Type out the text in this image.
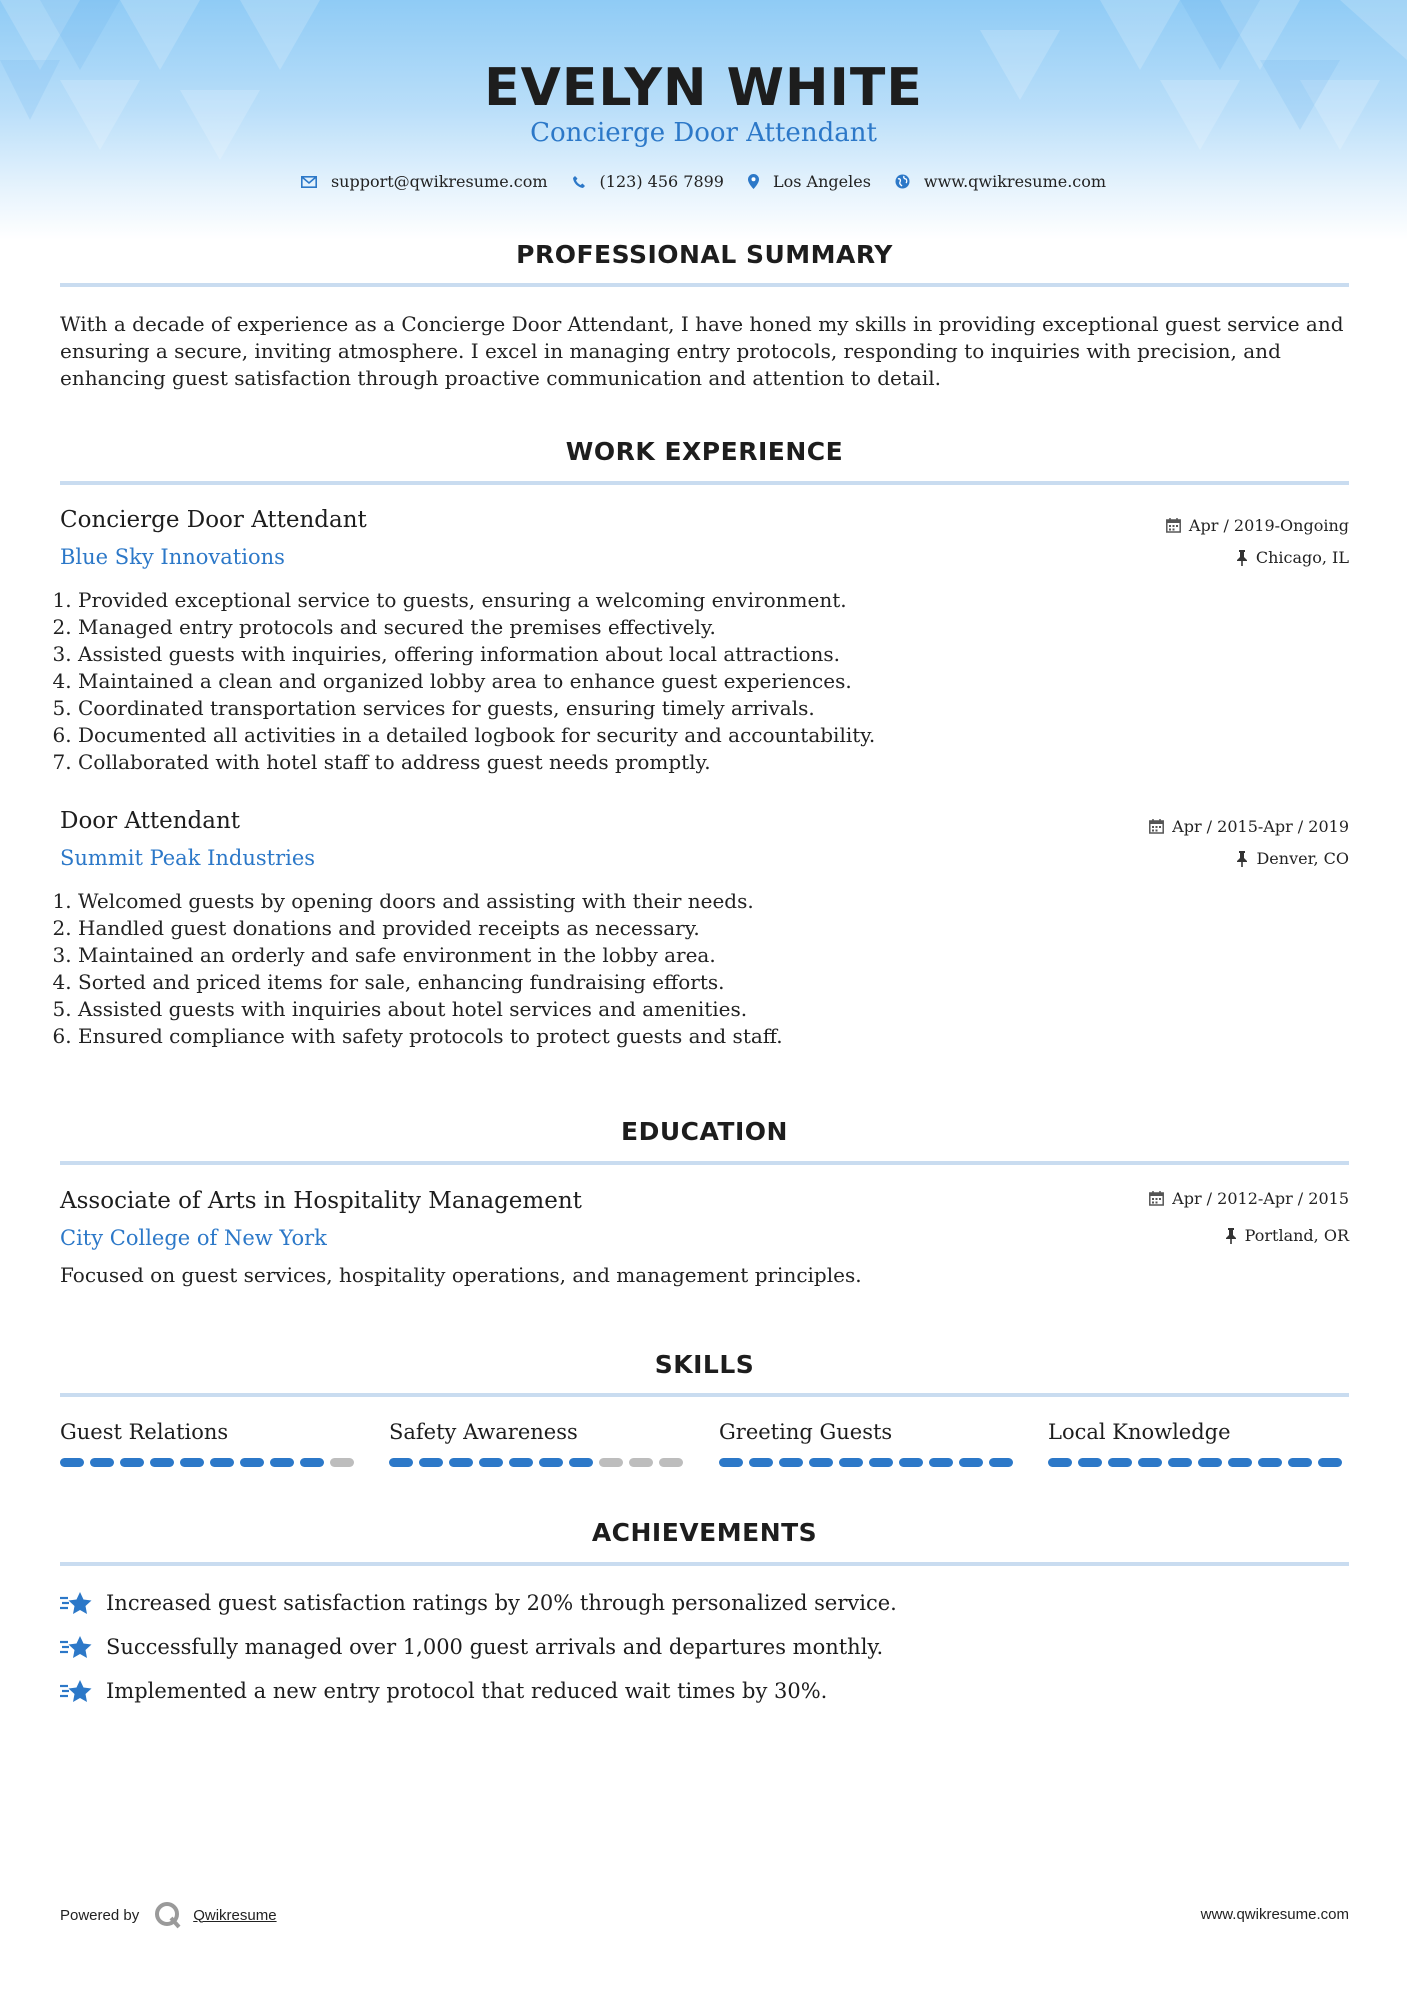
EVELYN WHITE
Concierge Door Attendant
support@qwikresume.com	(123) 456 7899	Los Angeles	www.qwikresume.com
PROFESSIONAL SUMMARY

With a decade of experience as a Concierge Door Attendant, I have honed my skills in providing exceptional guest service and ensuring a secure, inviting atmosphere. I excel in managing entry protocols, responding to inquiries with precision, and enhancing guest satisfaction through proactive communication and attention to detail.

WORK EXPERIENCE
Concierge Door Attendant
Blue Sky Innovations
Apr / 2019-Ongoing
Chicago, IL
1. Provided exceptional service to guests, ensuring a welcoming environment.
2. Managed entry protocols and secured the premises effectively.
3. Assisted guests with inquiries, offering information about local attractions.
4. Maintained a clean and organized lobby area to enhance guest experiences.
5. Coordinated transportation services for guests, ensuring timely arrivals.
6. Documented all activities in a detailed logbook for security and accountability.
7. Collaborated with hotel staff to address guest needs promptly.
Door Attendant
Summit Peak Industries
Apr / 2015-Apr / 2019
Denver, CO
1. Welcomed guests by opening doors and assisting with their needs.
2. Handled guest donations and provided receipts as necessary.
3. Maintained an orderly and safe environment in the lobby area.
4. Sorted and priced items for sale, enhancing fundraising efforts.
5. Assisted guests with inquiries about hotel services and amenities.
6. Ensured compliance with safety protocols to protect guests and staff.
EDUCATION
Associate of Arts in Hospitality Management
City College of New York
Apr / 2012-Apr / 2015
Portland, OR

Focused on guest services, hospitality operations, and management principles.

SKILLS
Guest Relations	Safety Awareness	Greeting Guests	Local Knowledge
ACHIEVEMENTS
Increased guest satisfaction ratings by 20% through personalized service.
Successfully managed over 1,000 guest arrivals and departures monthly.
Implemented a new entry protocol that reduced wait times by 30%.
Powered by	Qwikresume	www.qwikresume.com
